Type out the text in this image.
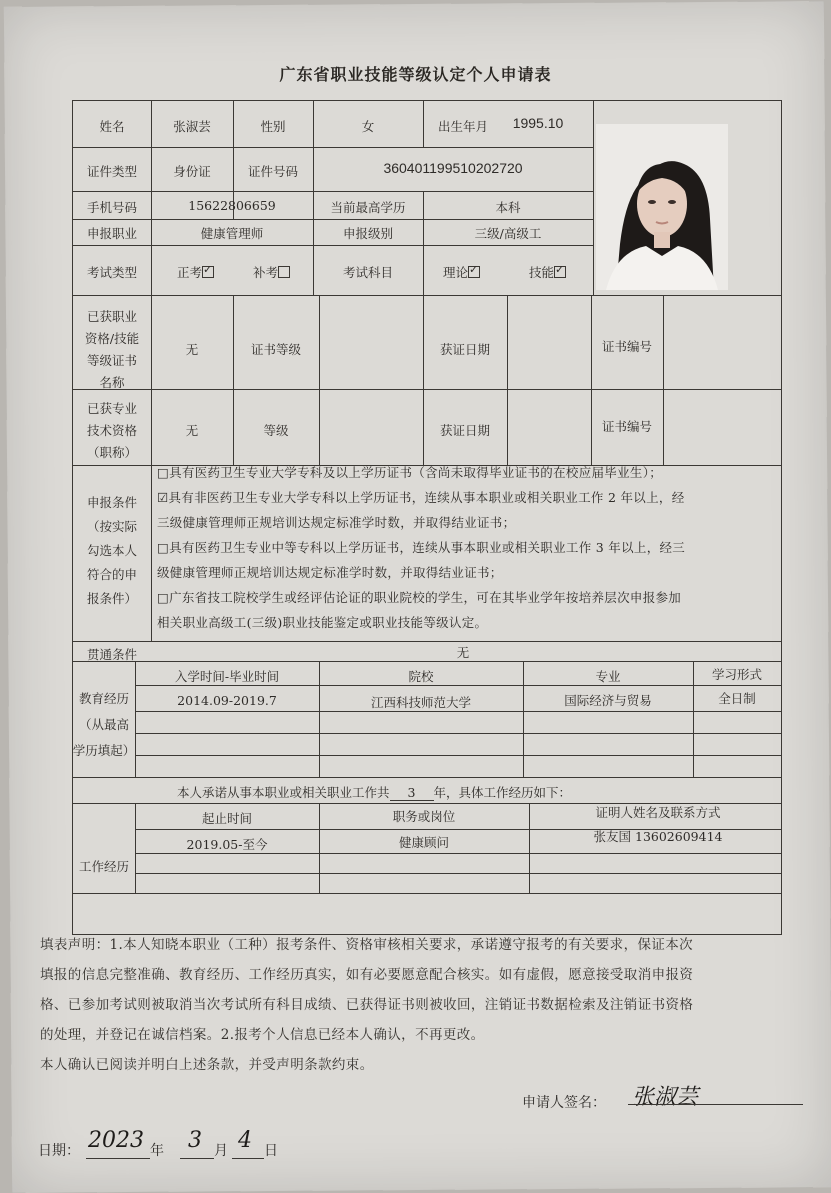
广东省职业技能等级认定个人申请表
姓名	张淑芸	性别	女	出生年月 1995.10
证件类型	身份证	证件号码	360401199510202720
手机号码	15622806659	当前最高学历	本科
申报职业	健康管理师	申报级别	三级/高级工
考试类型	正考 ✓	补考	考试科目	理论 ✓	技能✓
已获职业
资格/技能
等级证书
名称
无	证书等级	获证日期	证书编号
已获专业
技术资格
（职称）
无	等级	获证日期	证书编号
申报条件
（按实际
勾选本人
符合的申
报条件）
□具有医药卫生专业大学专科及以上学历证书（含尚未取得毕业证书的在校应届毕业生）；
☑具有非医药卫生专业大学专科以上学历证书，连续从事本职业或相关职业工作 2 年以上，经
三级健康管理师正规培训达规定标准学时数，并取得结业证书；
□具有医药卫生专业中等专科以上学历证书，连续从事本职业或相关职业工作 3 年以上，经三
级健康管理师正规培训达规定标准学时数，并取得结业证书；
□广东省技工院校学生或经评估论证的职业院校的学生，可在其毕业学年按培养层次申报参加
相关职业高级工(三级)职业技能鉴定或职业技能等级认定。
贯通条件	无
教育经历
（从最高
学历填起）
入学时间-毕业时间	院校	专业	学习形式
2014.09-2019.7	江西科技师范大学	国际经济与贸易	全日制
本人承诺从事本职业或相关职业工作共 3 年，具体工作经历如下：
工作经历
起止时间	职务或岗位	证明人姓名及联系方式
2019.05-至今	健康顾问	张友国 13602609414

填表声明：1.本人知晓本职业（工种）报考条件、资格审核相关要求，承诺遵守报考的有关要求，保证本次

填报的信息完整准确、教育经历、工作经历真实，如有必要愿意配合核实。如有虚假，愿意接受取消申报资

格、已参加考试则被取消当次考试所有科目成绩、已获得证书则被收回，注销证书数据检索及注销证书资格

的处理，并登记在诚信档案。2.报考个人信息已经本人确认，不再更改。

本人确认已阅读并明白上述条款，并受声明条款约束。

申请人签名： 张淑芸
日期： 2023 年 3 月 4 日
